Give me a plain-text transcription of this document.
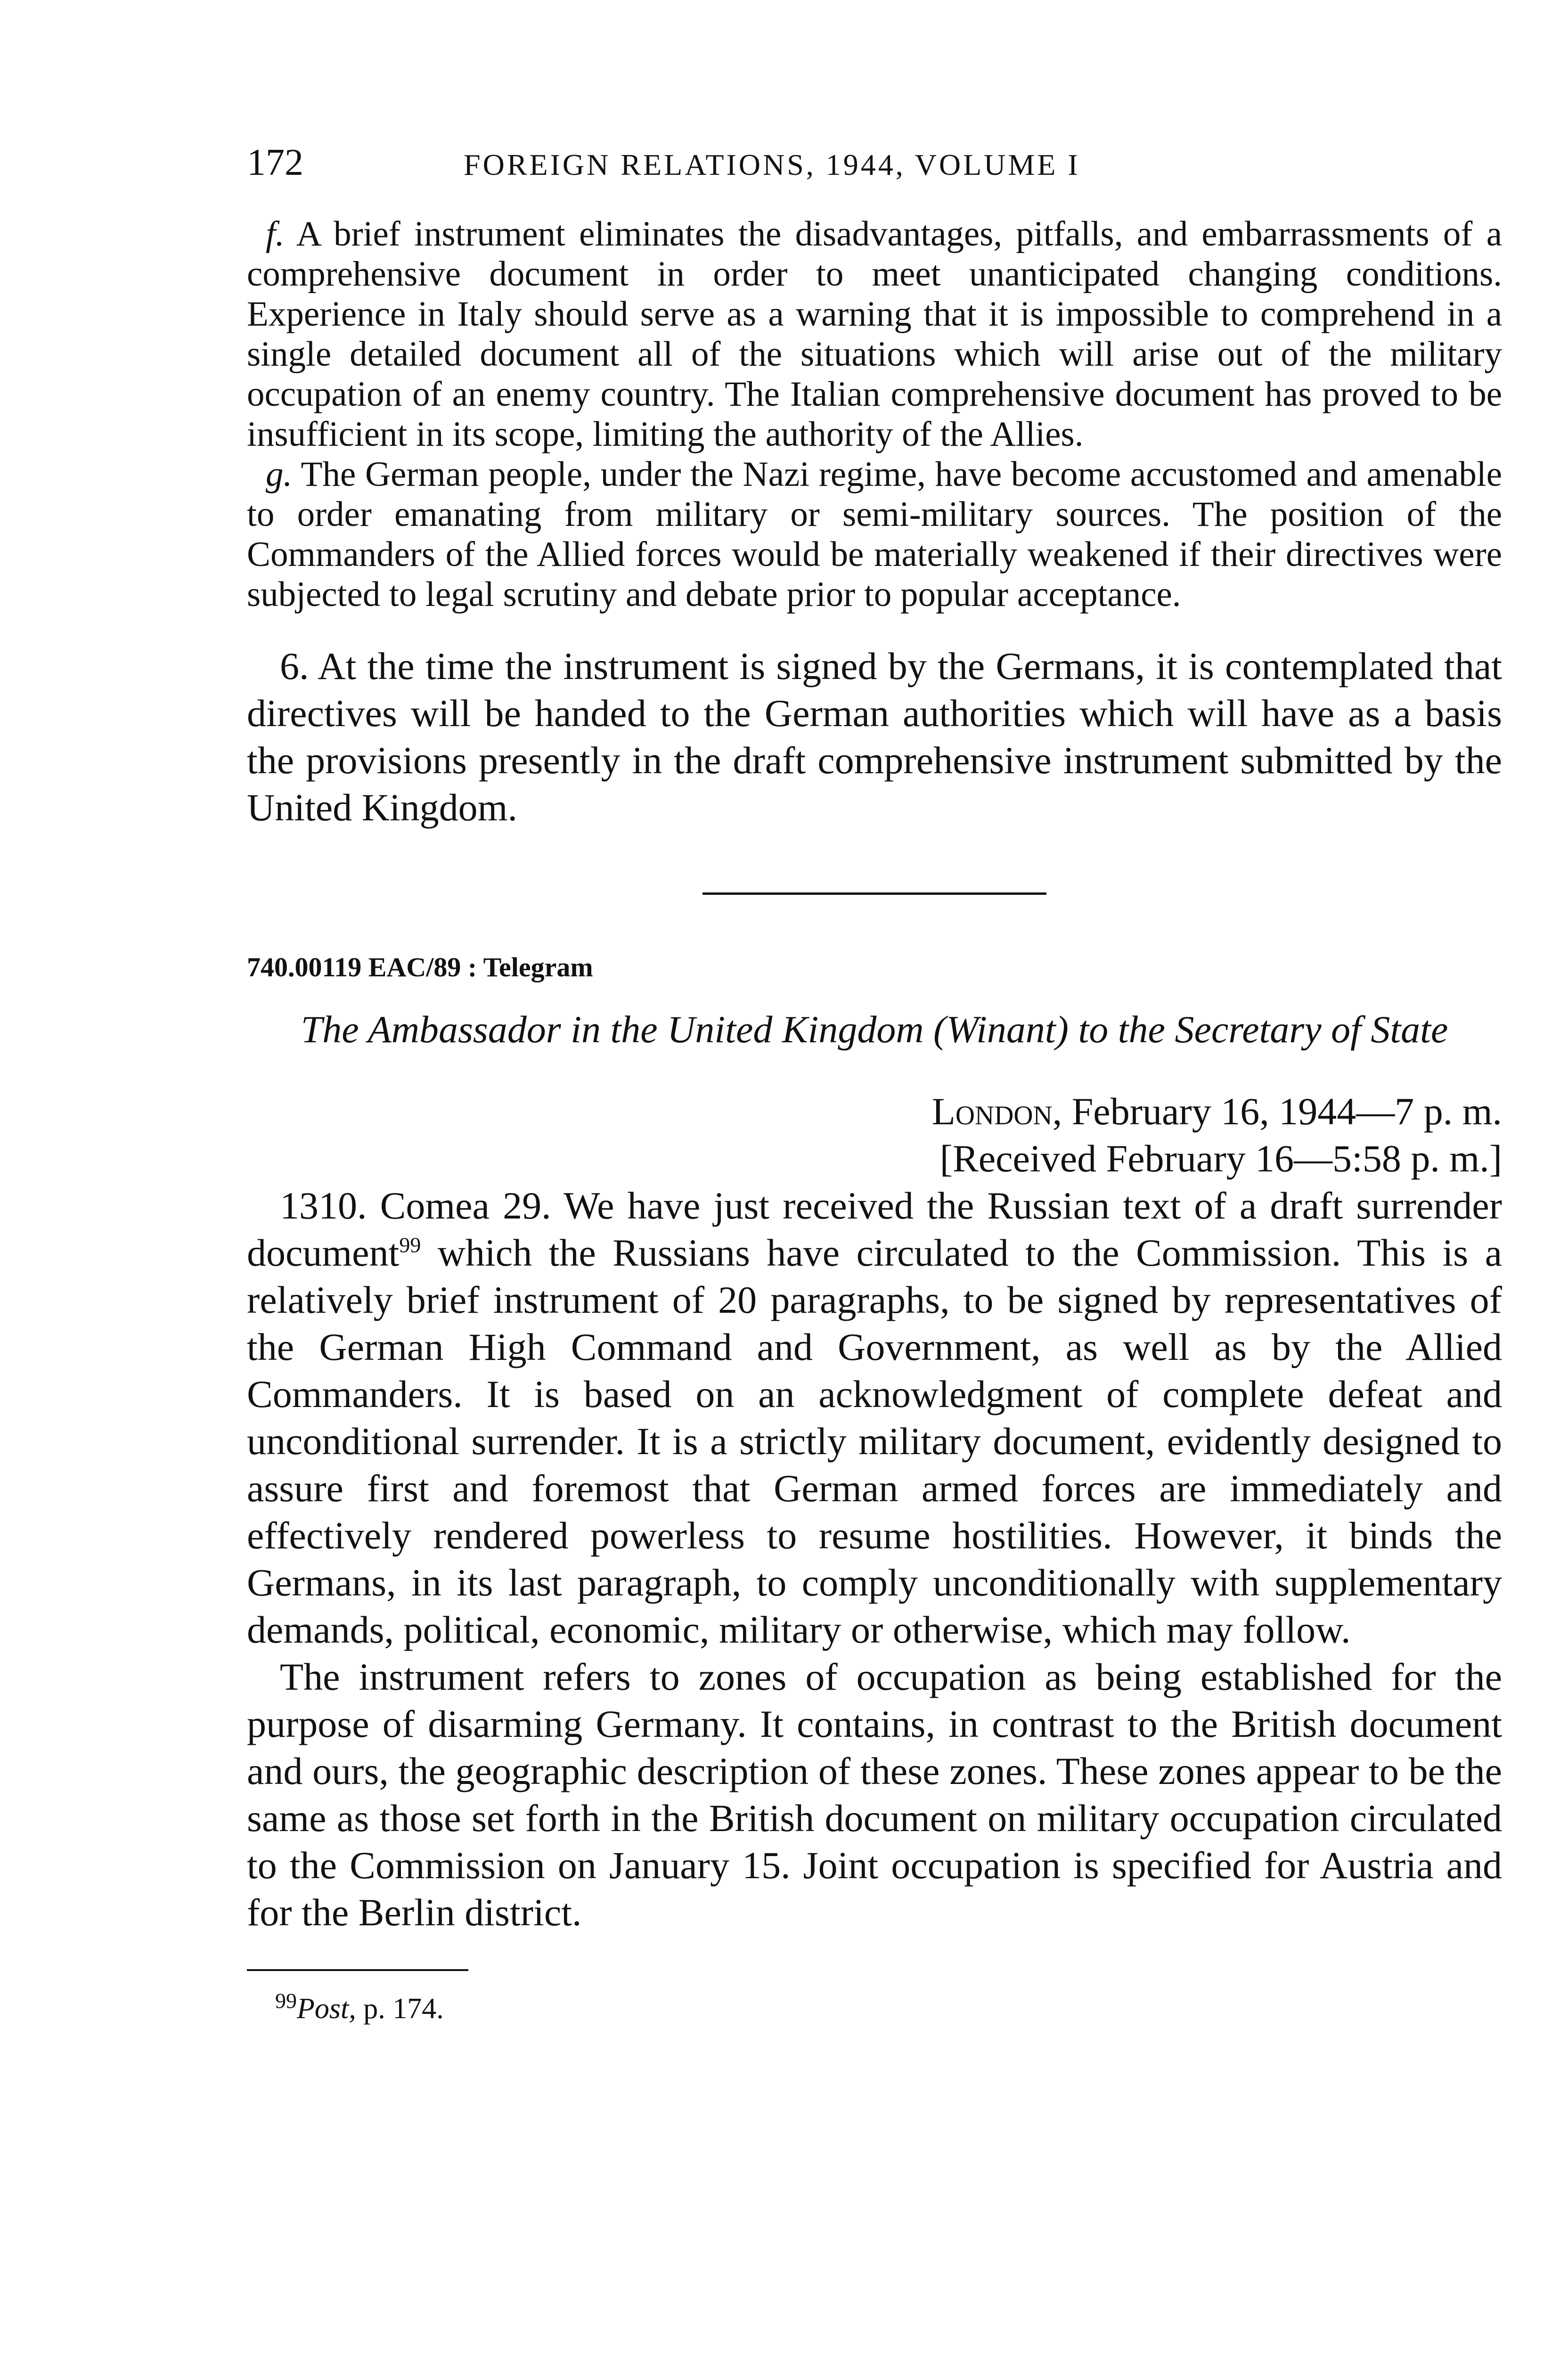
172	FOREIGN RELATIONS, 1944, VOLUME I

f. A brief instrument eliminates the disadvantages, pitfalls, and embarrassments of a comprehensive document in order to meet unanticipated changing conditions. Experience in Italy should serve as a warning that it is impossible to comprehend in a single detailed document all of the situations which will arise out of the military occupation of an enemy country. The Italian comprehensive document has proved to be insufficient in its scope, limiting the authority of the Allies.

g. The German people, under the Nazi regime, have become accustomed and amenable to order emanating from military or semi-military sources. The position of the Commanders of the Allied forces would be materially weakened if their directives were subjected to legal scrutiny and debate prior to popular acceptance.

6. At the time the instrument is signed by the Germans, it is contemplated that directives will be handed to the German authorities which will have as a basis the provisions presently in the draft comprehensive instrument submitted by the United Kingdom.

740.00119 EAC/89 : Telegram

The Ambassador in the United Kingdom (Winant) to the Secretary of State

London, February 16, 1944—7 p. m.

[Received February 16—5:58 p. m.]

1310. Comea 29. We have just received the Russian text of a draft surrender document$^{99}$ which the Russians have circulated to the Commission. This is a relatively brief instrument of 20 paragraphs, to be signed by representatives of the German High Command and Government, as well as by the Allied Commanders. It is based on an acknowledgment of complete defeat and unconditional surrender. It is a strictly military document, evidently designed to assure first and foremost that German armed forces are immediately and effectively rendered powerless to resume hostilities. However, it binds the Germans, in its last paragraph, to comply unconditionally with supplementary demands, political, economic, military or otherwise, which may follow.

The instrument refers to zones of occupation as being established for the purpose of disarming Germany. It contains, in contrast to the British document and ours, the geographic description of these zones. These zones appear to be the same as those set forth in the British document on military occupation circulated to the Commission on January 15. Joint occupation is specified for Austria and for the Berlin district.

$^{99}$Post, p. 174.
